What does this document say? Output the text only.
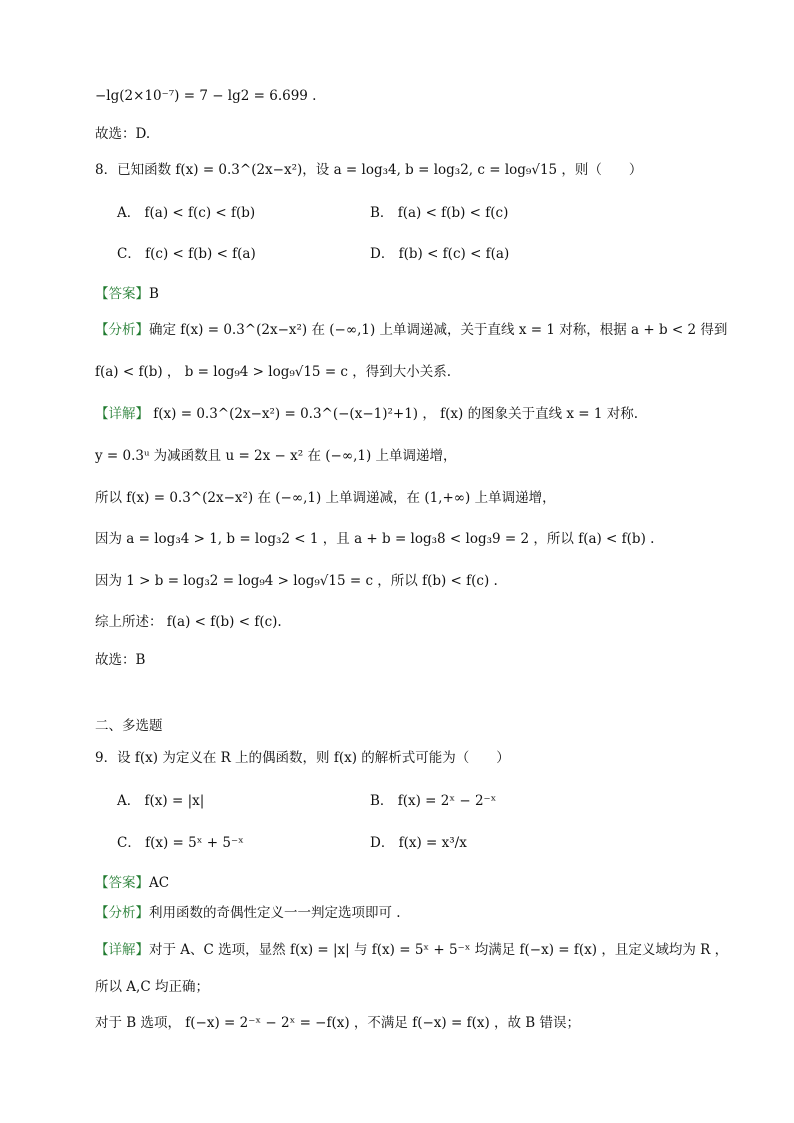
−lg(2×10⁻⁷) = 7 − lg2 = 6.699 .
故选：D.
8．已知函数 f(x) = 0.3^(2x−x²)，设 a = log₃4, b = log₃2, c = log₉√15 ，则（　　）
A． f(a) < f(c) < f(b)	B． f(a) < f(b) < f(c)
C． f(c) < f(b) < f(a)	D． f(b) < f(c) < f(a)
【答案】B
【分析】确定 f(x) = 0.3^(2x−x²) 在 (−∞,1) 上单调递减，关于直线 x = 1 对称，根据 a + b < 2 得到
f(a) < f(b) ， b = log₉4 > log₉√15 = c ，得到大小关系.
【详解】 f(x) = 0.3^(2x−x²) = 0.3^(−(x−1)²+1) ， f(x) 的图象关于直线 x = 1 对称.
y = 0.3ᵘ 为减函数且 u = 2x − x² 在 (−∞,1) 上单调递增，
所以 f(x) = 0.3^(2x−x²) 在 (−∞,1) 上单调递减，在 (1,+∞) 上单调递增，
因为 a = log₃4 > 1, b = log₃2 < 1 ，且 a + b = log₃8 < log₃9 = 2 ，所以 f(a) < f(b) .
因为 1 > b = log₃2 = log₉4 > log₉√15 = c ，所以 f(b) < f(c) .
综上所述： f(a) < f(b) < f(c).
故选：B
二、多选题
9．设 f(x) 为定义在 R 上的偶函数，则 f(x) 的解析式可能为（　　）
A． f(x) = |x|	B． f(x) = 2ˣ − 2⁻ˣ
C． f(x) = 5ˣ + 5⁻ˣ	D． f(x) = x³/x
【答案】AC
【分析】利用函数的奇偶性定义一一判定选项即可 .
【详解】对于 A、C 选项，显然 f(x) = |x| 与 f(x) = 5ˣ + 5⁻ˣ 均满足 f(−x) = f(x) ，且定义域均为 R ，
所以 A,C 均正确；
对于 B 选项， f(−x) = 2⁻ˣ − 2ˣ = −f(x) ，不满足 f(−x) = f(x) ，故 B 错误；
